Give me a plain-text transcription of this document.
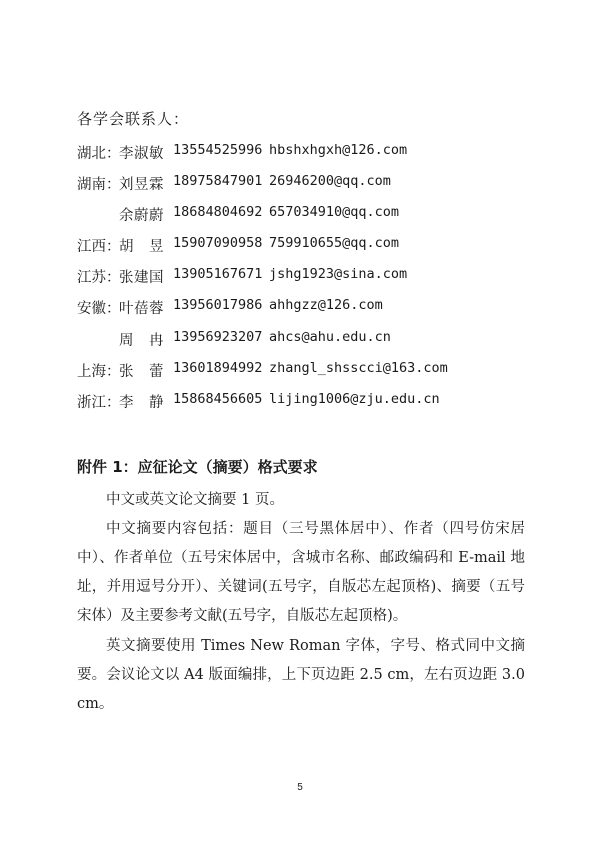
各学会联系人：
湖北：
李淑敏 13554525996 hbshxhgxh@126.com
湖南：
刘昱霖 18975847901 26946200@qq.com
余蔚蔚 18684804692 657034910@qq.com
江西：
胡　昱 15907090958 759910655@qq.com
江苏：
张建国 13905167671 jshg1923@sina.com
安徽：
叶蓓蓉 13956017986 ahhgzz@126.com
周　冉 13956923207 ahcs@ahu.edu.cn
上海：
张　蕾 13601894992 zhangl_shsscci@163.com
浙江：
李　静 15868456605 lijing1006@zju.edu.cn
附件 1：应征论文（摘要）格式要求
中文或英文论文摘要 1 页。
中文摘要内容包括：题目（三号黑体居中）、作者（四号仿宋居中）、作者单位（五号宋体居中，含城市名称、邮政编码和 E-mail 地址，并用逗号分开）、关键词(五号字，自版芯左起顶格)、摘要（五号宋体）及主要参考文献(五号字，自版芯左起顶格)。
英文摘要使用 Times New Roman 字体，字号、格式同中文摘要。会议论文以 A4 版面编排，上下页边距 2.5 cm，左右页边距 3.0 cm。
5
